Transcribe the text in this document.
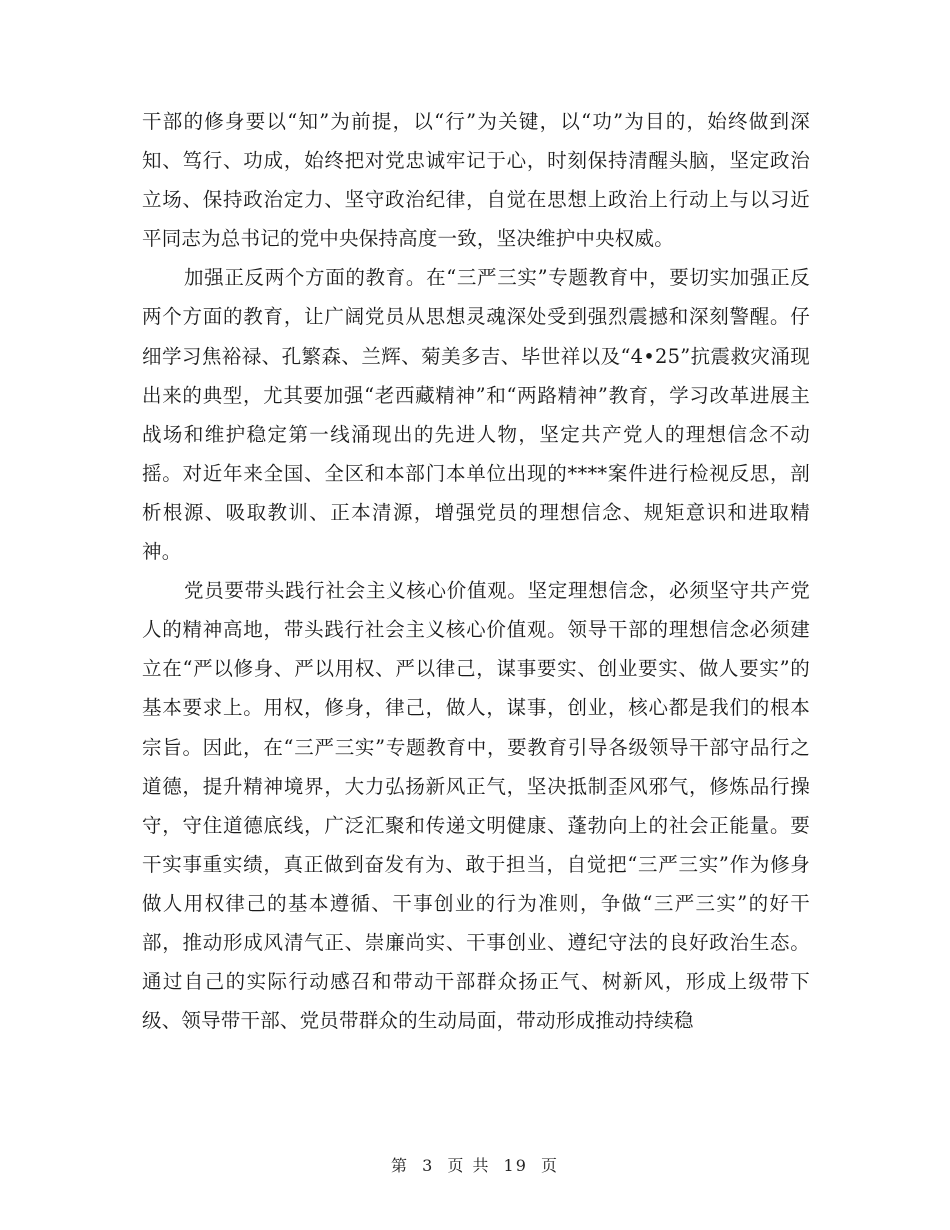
干部的修身要以“知”为前提，以“行”为关键，以“功”为目的，始终做到深知、笃行、功成，始终把对党忠诚牢记于心，时刻保持清醒头脑，坚定政治立场、保持政治定力、坚守政治纪律，自觉在思想上政治上行动上与以习近平同志为总书记的党中央保持高度一致，坚决维护中央权威。

加强正反两个方面的教育。在“三严三实”专题教育中，要切实加强正反两个方面的教育，让广阔党员从思想灵魂深处受到强烈震撼和深刻警醒。仔细学习焦裕禄、孔繁森、兰辉、菊美多吉、毕世祥以及“4•25”抗震救灾涌现出来的典型，尤其要加强“老西藏精神”和“两路精神”教育，学习改革进展主战场和维护稳定第一线涌现出的先进人物，坚定共产党人的理想信念不动摇。对近年来全国、全区和本部门本单位出现的****案件进行检视反思，剖析根源、吸取教训、正本清源，增强党员的理想信念、规矩意识和进取精神。

党员要带头践行社会主义核心价值观。坚定理想信念，必须坚守共产党人的精神高地，带头践行社会主义核心价值观。领导干部的理想信念必须建立在“严以修身、严以用权、严以律己，谋事要实、创业要实、做人要实”的基本要求上。用权，修身，律己，做人，谋事，创业，核心都是我们的根本宗旨。因此，在“三严三实”专题教育中，要教育引导各级领导干部守品行之道德，提升精神境界，大力弘扬新风正气，坚决抵制歪风邪气，修炼品行操守，守住道德底线，广泛汇聚和传递文明健康、蓬勃向上的社会正能量。要干实事重实绩，真正做到奋发有为、敢于担当，自觉把“三严三实”作为修身做人用权律己的基本遵循、干事创业的行为准则，争做“三严三实”的好干部，推动形成风清气正、崇廉尚实、干事创业、遵纪守法的良好政治生态。通过自己的实际行动感召和带动干部群众扬正气、树新风，形成上级带下级、领导带干部、党员带群众的生动局面，带动形成推动持续稳

第 3 页 共 19 页
